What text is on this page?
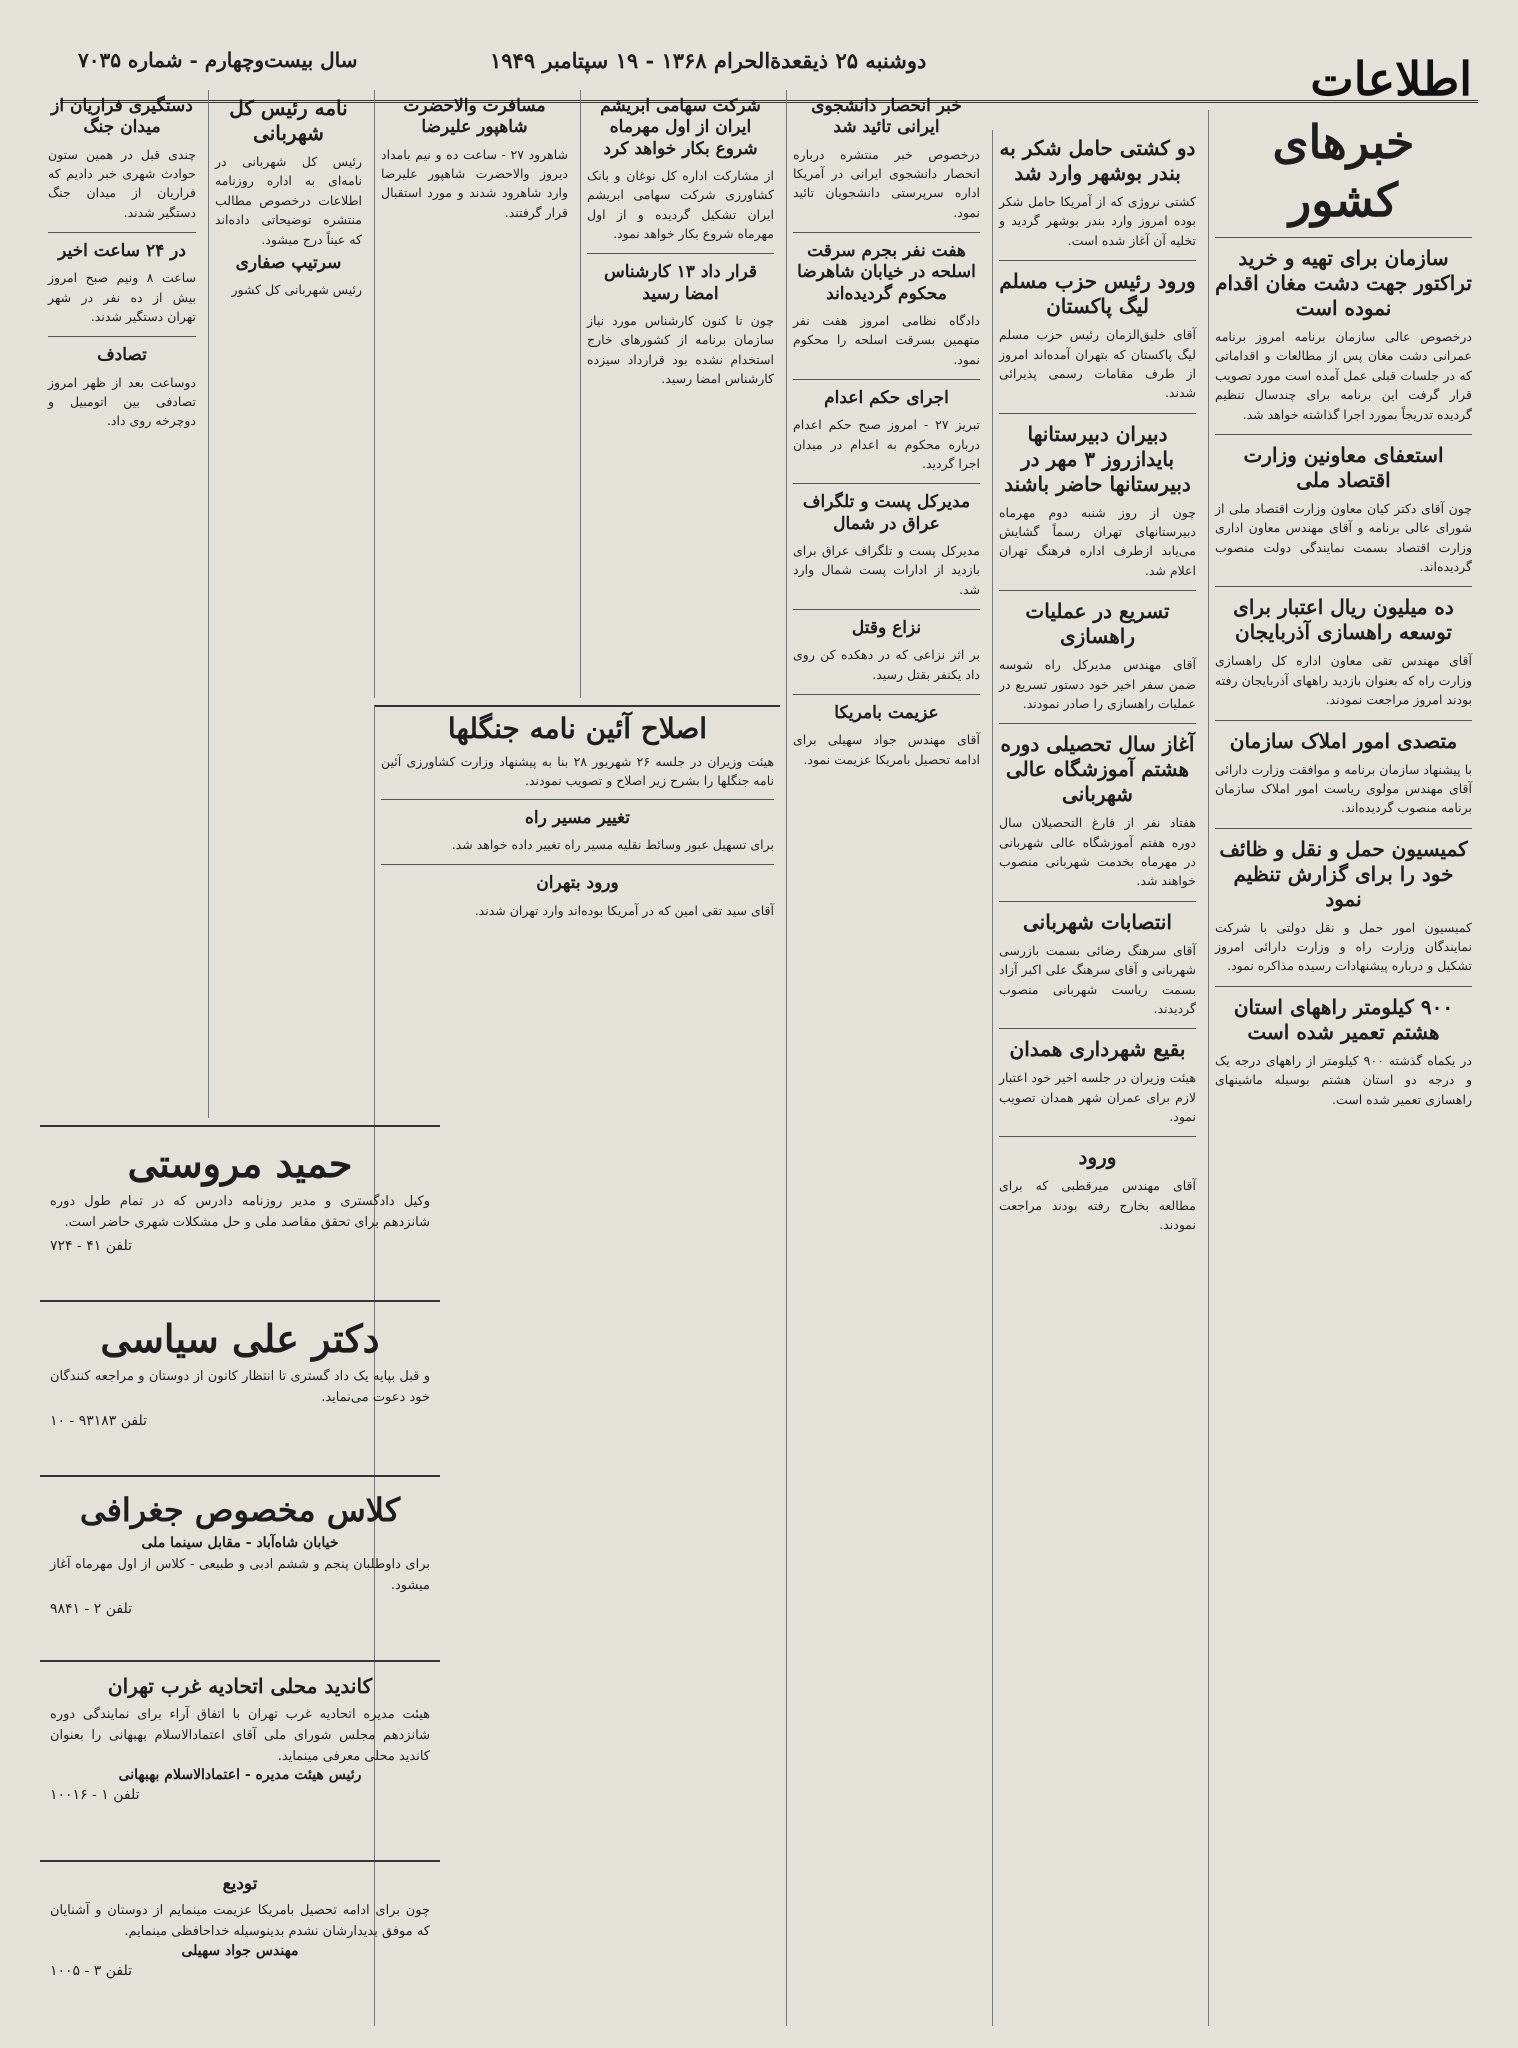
اطلاعات
دوشنبه ۲۵ ذیقعدةالحرام ۱۳۶۸ - ۱۹ سپتامبر ۱۹۴۹
سال بیست‌وچهارم - شماره ۷۰۳۵
خبرهای کشور
سازمان برای تهیه و خرید تراکتور جهت دشت مغان اقدام نموده است

درخصوص عالی سازمان برنامه امروز برنامه عمرانی دشت مغان پس از مطالعات و اقداماتی که در جلسات قبلی عمل آمده است مورد تصویب قرار گرفت این برنامه برای چندسال تنظیم گردیده تدریجاً بمورد اجرا گذاشته خواهد شد.

استعفای معاونین وزارت اقتصاد ملی

چون آقای دکتر کیان معاون وزارت اقتصاد ملی از شورای عالی برنامه و آقای مهندس معاون اداری وزارت اقتصاد بسمت نمایندگی دولت منصوب گردیده‌اند.

ده میلیون ریال اعتبار برای توسعه راهسازی آذربایجان

آقای مهندس تقی معاون اداره کل راهسازی وزارت راه که بعنوان بازدید راههای آذربایجان رفته بودند امروز مراجعت نمودند.

متصدی امور املاک سازمان

با پیشنهاد سازمان برنامه و موافقت وزارت دارائی آقای مهندس مولوی ریاست امور املاک سازمان برنامه منصوب گردیده‌اند.

کمیسیون حمل و نقل و ظائف خود را برای گزارش تنظیم نمود

کمیسیون امور حمل و نقل دولتی با شرکت نمایندگان وزارت راه و وزارت دارائی امروز تشکیل و درباره پیشنهادات رسیده مذاکره نمود.

۹۰۰ کیلومتر راههای استان هشتم تعمیر شده است

در یکماه گذشته ۹۰۰ کیلومتر از راههای درجه یک و درجه دو استان هشتم بوسیله ماشینهای راهسازی تعمیر شده است.

دو کشتی حامل شکر به بندر بوشهر وارد شد

کشتی نروژی که از آمریکا حامل شکر بوده امروز وارد بندر بوشهر گردید و تخلیه آن آغاز شده است.

ورود رئیس حزب مسلم لیگ پاکستان

آقای خلیق‌الزمان رئیس حزب مسلم لیگ پاکستان که بتهران آمده‌اند امروز از طرف مقامات رسمی پذیرائی شدند.

دبیران دبیرستانها بایدازروز ۳ مهر در دبیرستانها حاضر باشند

چون از روز شنبه دوم مهرماه دبیرستانهای تهران رسماً گشایش می‌یابد ازطرف اداره فرهنگ تهران اعلام شد.

تسریع در عملیات راهسازی

آقای مهندس مدیرکل راه شوسه ضمن سفر اخیر خود دستور تسریع در عملیات راهسازی را صادر نمودند.

آغاز سال تحصیلی دوره هشتم آموزشگاه عالی شهربانی

هفتاد نفر از فارغ التحصیلان سال دوره هفتم آموزشگاه عالی شهربانی در مهرماه بخدمت شهربانی منصوب خواهند شد.

انتصابات شهربانی

آقای سرهنگ رضائی بسمت بازرسی شهربانی و آقای سرهنگ علی اکبر آزاد بسمت ریاست شهربانی منصوب گردیدند.

بقیع شهرداری همدان

هیئت وزیران در جلسه اخیر خود اعتبار لازم برای عمران شهر همدان تصویب نمود.

ورود

آقای مهندس میرقطبی که برای مطالعه بخارج رفته بودند مراجعت نمودند.

خبر انحصار دانشجوی ایرانی تائید شد

درخصوص خبر منتشره درباره انحصار دانشجوی ایرانی در آمریکا اداره سرپرستی دانشجویان تائید نمود.

هفت نفر بجرم سرقت اسلحه در خیابان شاهرضا محکوم گردیده‌اند

دادگاه نظامی امروز هفت نفر متهمین بسرقت اسلحه را محکوم نمود.

اجرای حکم اعدام

تبریز ۲۷ - امروز صبح حکم اعدام درباره محکوم به اعدام در میدان اجرا گردید.

مدیرکل پست و تلگراف عراق در شمال

مدیرکل پست و تلگراف عراق برای بازدید از ادارات پست شمال وارد شد.

نزاع وقتل

بر اثر نزاعی که در دهکده کن روی داد یکنفر بقتل رسید.

عزیمت بامریکا

آقای مهندس جواد سهیلی برای ادامه تحصیل بامریکا عزیمت نمود.

شرکت سهامی ابریشم ایران از اول مهرماه شروع بکار خواهد کرد

از مشارکت اداره کل نوغان و بانک کشاورزی شرکت سهامی ابریشم ایران تشکیل گردیده و از اول مهرماه شروع بکار خواهد نمود.

قرار داد ۱۳ کارشناس امضا رسید

چون تا کنون کارشناس مورد نیاز سازمان برنامه از کشورهای خارج استخدام نشده بود قرارداد سیزده کارشناس امضا رسید.

مسافرت والاحضرت شاهپور علیرضا

شاهرود ۲۷ - ساعت ده و نیم بامداد دیروز والاحضرت شاهپور علیرضا وارد شاهرود شدند و مورد استقبال قرار گرفتند.

اصلاح آئین نامه جنگلها

هیئت وزیران در جلسه ۲۶ شهریور ۲۸ بنا به پیشنهاد وزارت کشاورزی آئین نامه جنگلها را بشرح زیر اصلاح و تصویب نمودند.

تغییر مسیر راه

برای تسهیل عبور وسائط نقلیه مسیر راه تغییر داده خواهد شد.

ورود بتهران

آقای سید تقی امین که در آمریکا بوده‌اند وارد تهران شدند.

نامه رئیس کل شهربانی

رئیس کل شهربانی در نامه‌ای به اداره روزنامه اطلاعات درخصوص مطالب منتشره توضیحاتی داده‌اند که عیناً درج میشود.

سرتیپ صفاری

رئیس شهربانی کل کشور

دستگیری فراریان از میدان جنگ

چندی قبل در همین ستون حوادث شهری خبر دادیم که فراریان از میدان جنگ دستگیر شدند.

در ۲۴ ساعت اخیر

ساعت ۸ ونیم صبح امروز بیش از ده نفر در شهر تهران دستگیر شدند.

تصادف

دوساعت بعد از ظهر امروز تصادفی بین اتومبیل و دوچرخه روی داد.

حمید مروستی
وکیل دادگستری و مدیر روزنامه دادرس که در تمام طول دوره شانزدهم برای تحقق مقاصد ملی و حل مشکلات شهری حاضر است.
تلفن ۴۱ - ۷۲۴
دکتر علی سیاسی
و قبل بپایه یک داد گستری تا انتظار کانون از دوستان و مراجعه کنندگان خود دعوت می‌نماید.
تلفن ۹۳۱۸۳ - ۱۰
کلاس مخصوص جغرافی
خیابان شاه‌آباد - مقابل سینما ملی
برای داوطلبان پنجم و ششم ادبی و طبیعی - کلاس از اول مهرماه آغاز میشود.
تلفن ۲ - ۹۸۴۱
کاندید محلی اتحادیه غرب تهران
هیئت مدیره اتحادیه غرب تهران با اتفاق آراء برای نمایندگی دوره شانزدهم مجلس شورای ملی آقای اعتمادالاسلام بهبهانی را بعنوان کاندید محلی معرفی مینماید.
رئیس هیئت مدیره - اعتمادالاسلام بهبهانی
تلفن ۱ - ۱۰۰۱۶
تودیع
چون برای ادامه تحصیل بامریکا عزیمت مینمایم از دوستان و آشنایان که موفق بدیدارشان نشدم بدینوسیله خداحافظی مینمایم.
مهندس جواد سهیلی
تلفن ۳ - ۱۰۰۵
